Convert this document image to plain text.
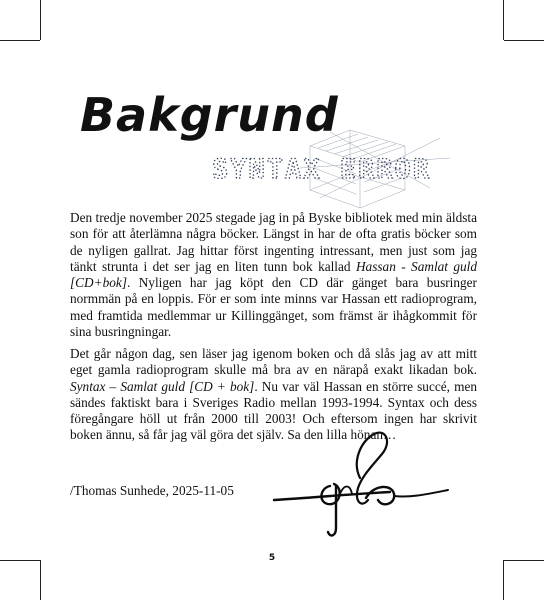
Bakgrund
SYNTAX ERROR

Den tredje november 2025 stegade jag in på Byske bibliotek med min äldsta son för att återlämna några böcker. Längst in har de ofta gratis böcker som de nyligen gallrat. Jag hittar först ingenting intressant, men just som jag tänkt strunta i det ser jag en liten tunn bok kallad Hassan - Samlat guld [CD+bok]. Nyligen har jag köpt den CD där gänget bara busringer normmän på en loppis. För er som inte minns var Hassan ett radioprogram, med framtida medlemmar ur Killinggänget, som främst är ihågkommit för sina busringningar.

Det går någon dag, sen läser jag igenom boken och då slås jag av att mitt eget gamla radioprogram skulle må bra av en närapå exakt likadan bok. Syntax – Samlat guld [CD + bok]. Nu var väl Hassan en större succé, men sändes faktiskt bara i Sveriges Radio mellan 1993-1994. Syntax och dess föregångare höll ut från 2000 till 2003! Och eftersom ingen har skrivit boken ännu, så får jag väl göra det själv. Sa den lilla hönan…

/Thomas Sunhede, 2025-11-05

5
